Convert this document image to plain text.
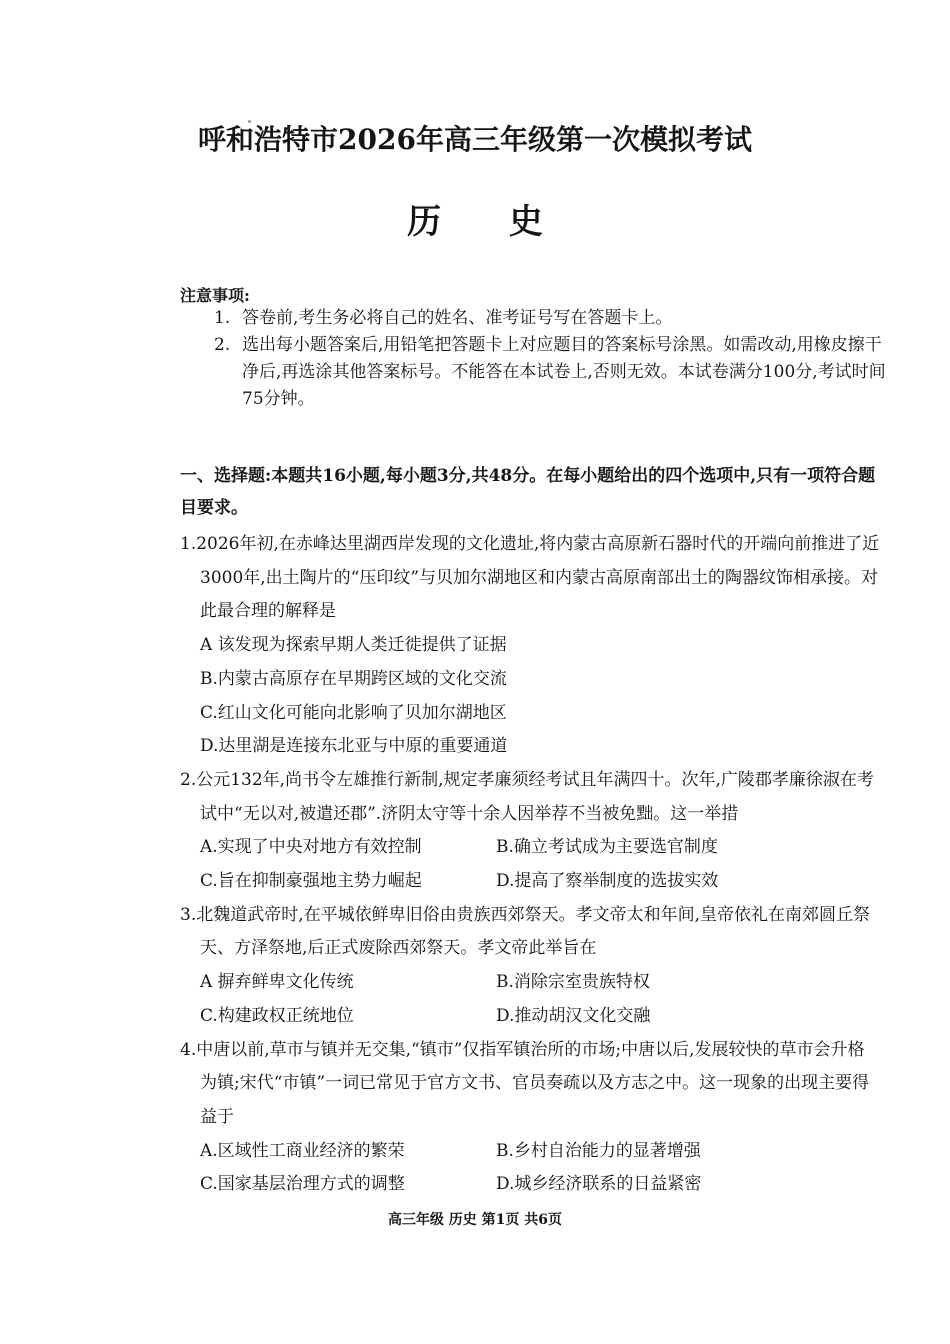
呼和浩特市2026年高三年级第一次模拟考试
历 史
注意事项:
1. 答卷前,考生务必将自己的姓名、准考证号写在答题卡上。
2. 选出每小题答案后,用铅笔把答题卡上对应题目的答案标号涂黑。如需改动,用橡皮擦干净后,再选涂其他答案标号。不能答在本试卷上,否则无效。本试卷满分100分,考试时间75分钟。
一、选择题:本题共16小题,每小题3分,共48分。在每小题给出的四个选项中,只有一项符合题目要求。
1.2026年初,在赤峰达里湖西岸发现的文化遗址,将内蒙古高原新石器时代的开端向前推进了近3000年,出土陶片的“压印纹”与贝加尔湖地区和内蒙古高原南部出土的陶器纹饰相承接。对此最合理的解释是
A 该发现为探索早期人类迁徙提供了证据
B.内蒙古高原存在早期跨区域的文化交流
C.红山文化可能向北影响了贝加尔湖地区
D.达里湖是连接东北亚与中原的重要通道
2.公元132年,尚书令左雄推行新制,规定孝廉须经考试且年满四十。次年,广陵郡孝廉徐淑在考试中“无以对,被遣还郡”.济阴太守等十余人因举荐不当被免黜。这一举措
A.实现了中央对地方有效控制	B.确立考试成为主要选官制度
C.旨在抑制豪强地主势力崛起	D.提高了察举制度的选拔实效
3.北魏道武帝时,在平城依鲜卑旧俗由贵族西郊祭天。孝文帝太和年间,皇帝依礼在南郊圆丘祭天、方泽祭地,后正式废除西郊祭天。孝文帝此举旨在
A 摒弃鲜卑文化传统	B.消除宗室贵族特权
C.构建政权正统地位	D.推动胡汉文化交融
4.中唐以前,草市与镇并无交集,“镇市”仅指军镇治所的市场;中唐以后,发展较快的草市会升格为镇;宋代“市镇”一词已常见于官方文书、官员奏疏以及方志之中。这一现象的出现主要得益于
A.区域性工商业经济的繁荣	B.乡村自治能力的显著增强
C.国家基层治理方式的调整	D.城乡经济联系的日益紧密
高三年级 历史 第1页 共6页
